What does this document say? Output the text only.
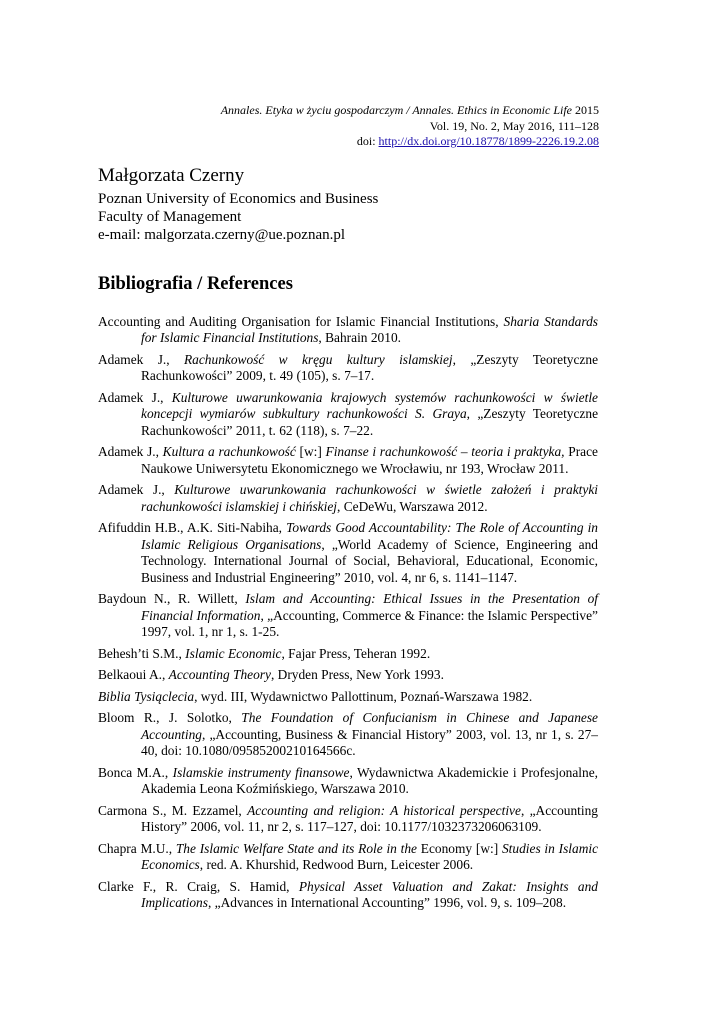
Annales. Etyka w życiu gospodarczym / Annales. Ethics in Economic Life 2015
Vol. 19, No. 2, May 2016, 111–128
doi: http://dx.doi.org/10.18778/1899-2226.19.2.08
Małgorzata Czerny
Poznan University of Economics and Business
Faculty of Management
e-mail: malgorzata.czerny@ue.poznan.pl
Bibliografia / References
Accounting and Auditing Organisation for Islamic Financial Institutions, Sharia Standards for Islamic Financial Institutions, Bahrain 2010.
Adamek J., Rachunkowość w kręgu kultury islamskiej, „Zeszyty Teoretyczne Rachunkowości” 2009, t. 49 (105), s. 7–17.
Adamek J., Kulturowe uwarunkowania krajowych systemów rachunkowości w świetle koncepcji wymiarów subkultury rachunkowości S. Graya, „Zeszyty Teoretyczne Rachunkowości” 2011, t. 62 (118), s. 7–22.
Adamek J., Kultura a rachunkowość [w:] Finanse i rachunkowość – teoria i praktyka, Prace Naukowe Uniwersytetu Ekonomicznego we Wrocławiu, nr 193, Wrocław 2011.
Adamek J., Kulturowe uwarunkowania rachunkowości w świetle założeń i praktyki rachunkowości islamskiej i chińskiej, CeDeWu, Warszawa 2012.
Afifuddin H.B., A.K. Siti-Nabiha, Towards Good Accountability: The Role of Accounting in Islamic Religious Organisations, „World Academy of Science, Engineering and Technology. International Journal of Social, Behavioral, Educational, Economic, Business and Industrial Engineering” 2010, vol. 4, nr 6, s. 1141–1147.
Baydoun N., R. Willett, Islam and Accounting: Ethical Issues in the Presentation of Financial Information, „Accounting, Commerce & Finance: the Islamic Perspective” 1997, vol. 1, nr 1, s. 1-25.
Behesh’ti S.M., Islamic Economic, Fajar Press, Teheran 1992.
Belkaoui A., Accounting Theory, Dryden Press, New York 1993.
Biblia Tysiąclecia, wyd. III, Wydawnictwo Pallottinum, Poznań-Warszawa 1982.
Bloom R., J. Solotko, The Foundation of Confucianism in Chinese and Japanese Accounting, „Accounting, Business & Financial History” 2003, vol. 13, nr 1, s. 27–40, doi: 10.1080/09585200210164566c.
Bonca M.A., Islamskie instrumenty finansowe, Wydawnictwa Akademickie i Profesjonalne, Akademia Leona Koźmińskiego, Warszawa 2010.
Carmona S., M. Ezzamel, Accounting and religion: A historical perspective, „Accounting History” 2006, vol. 11, nr 2, s. 117–127, doi: 10.1177/1032373206063109.
Chapra M.U., The Islamic Welfare State and its Role in the Economy [w:] Studies in Islamic Economics, red. A. Khurshid, Redwood Burn, Leicester 2006.
Clarke F., R. Craig, S. Hamid, Physical Asset Valuation and Zakat: Insights and Implications, „Advances in International Accounting” 1996, vol. 9, s. 109–208.
